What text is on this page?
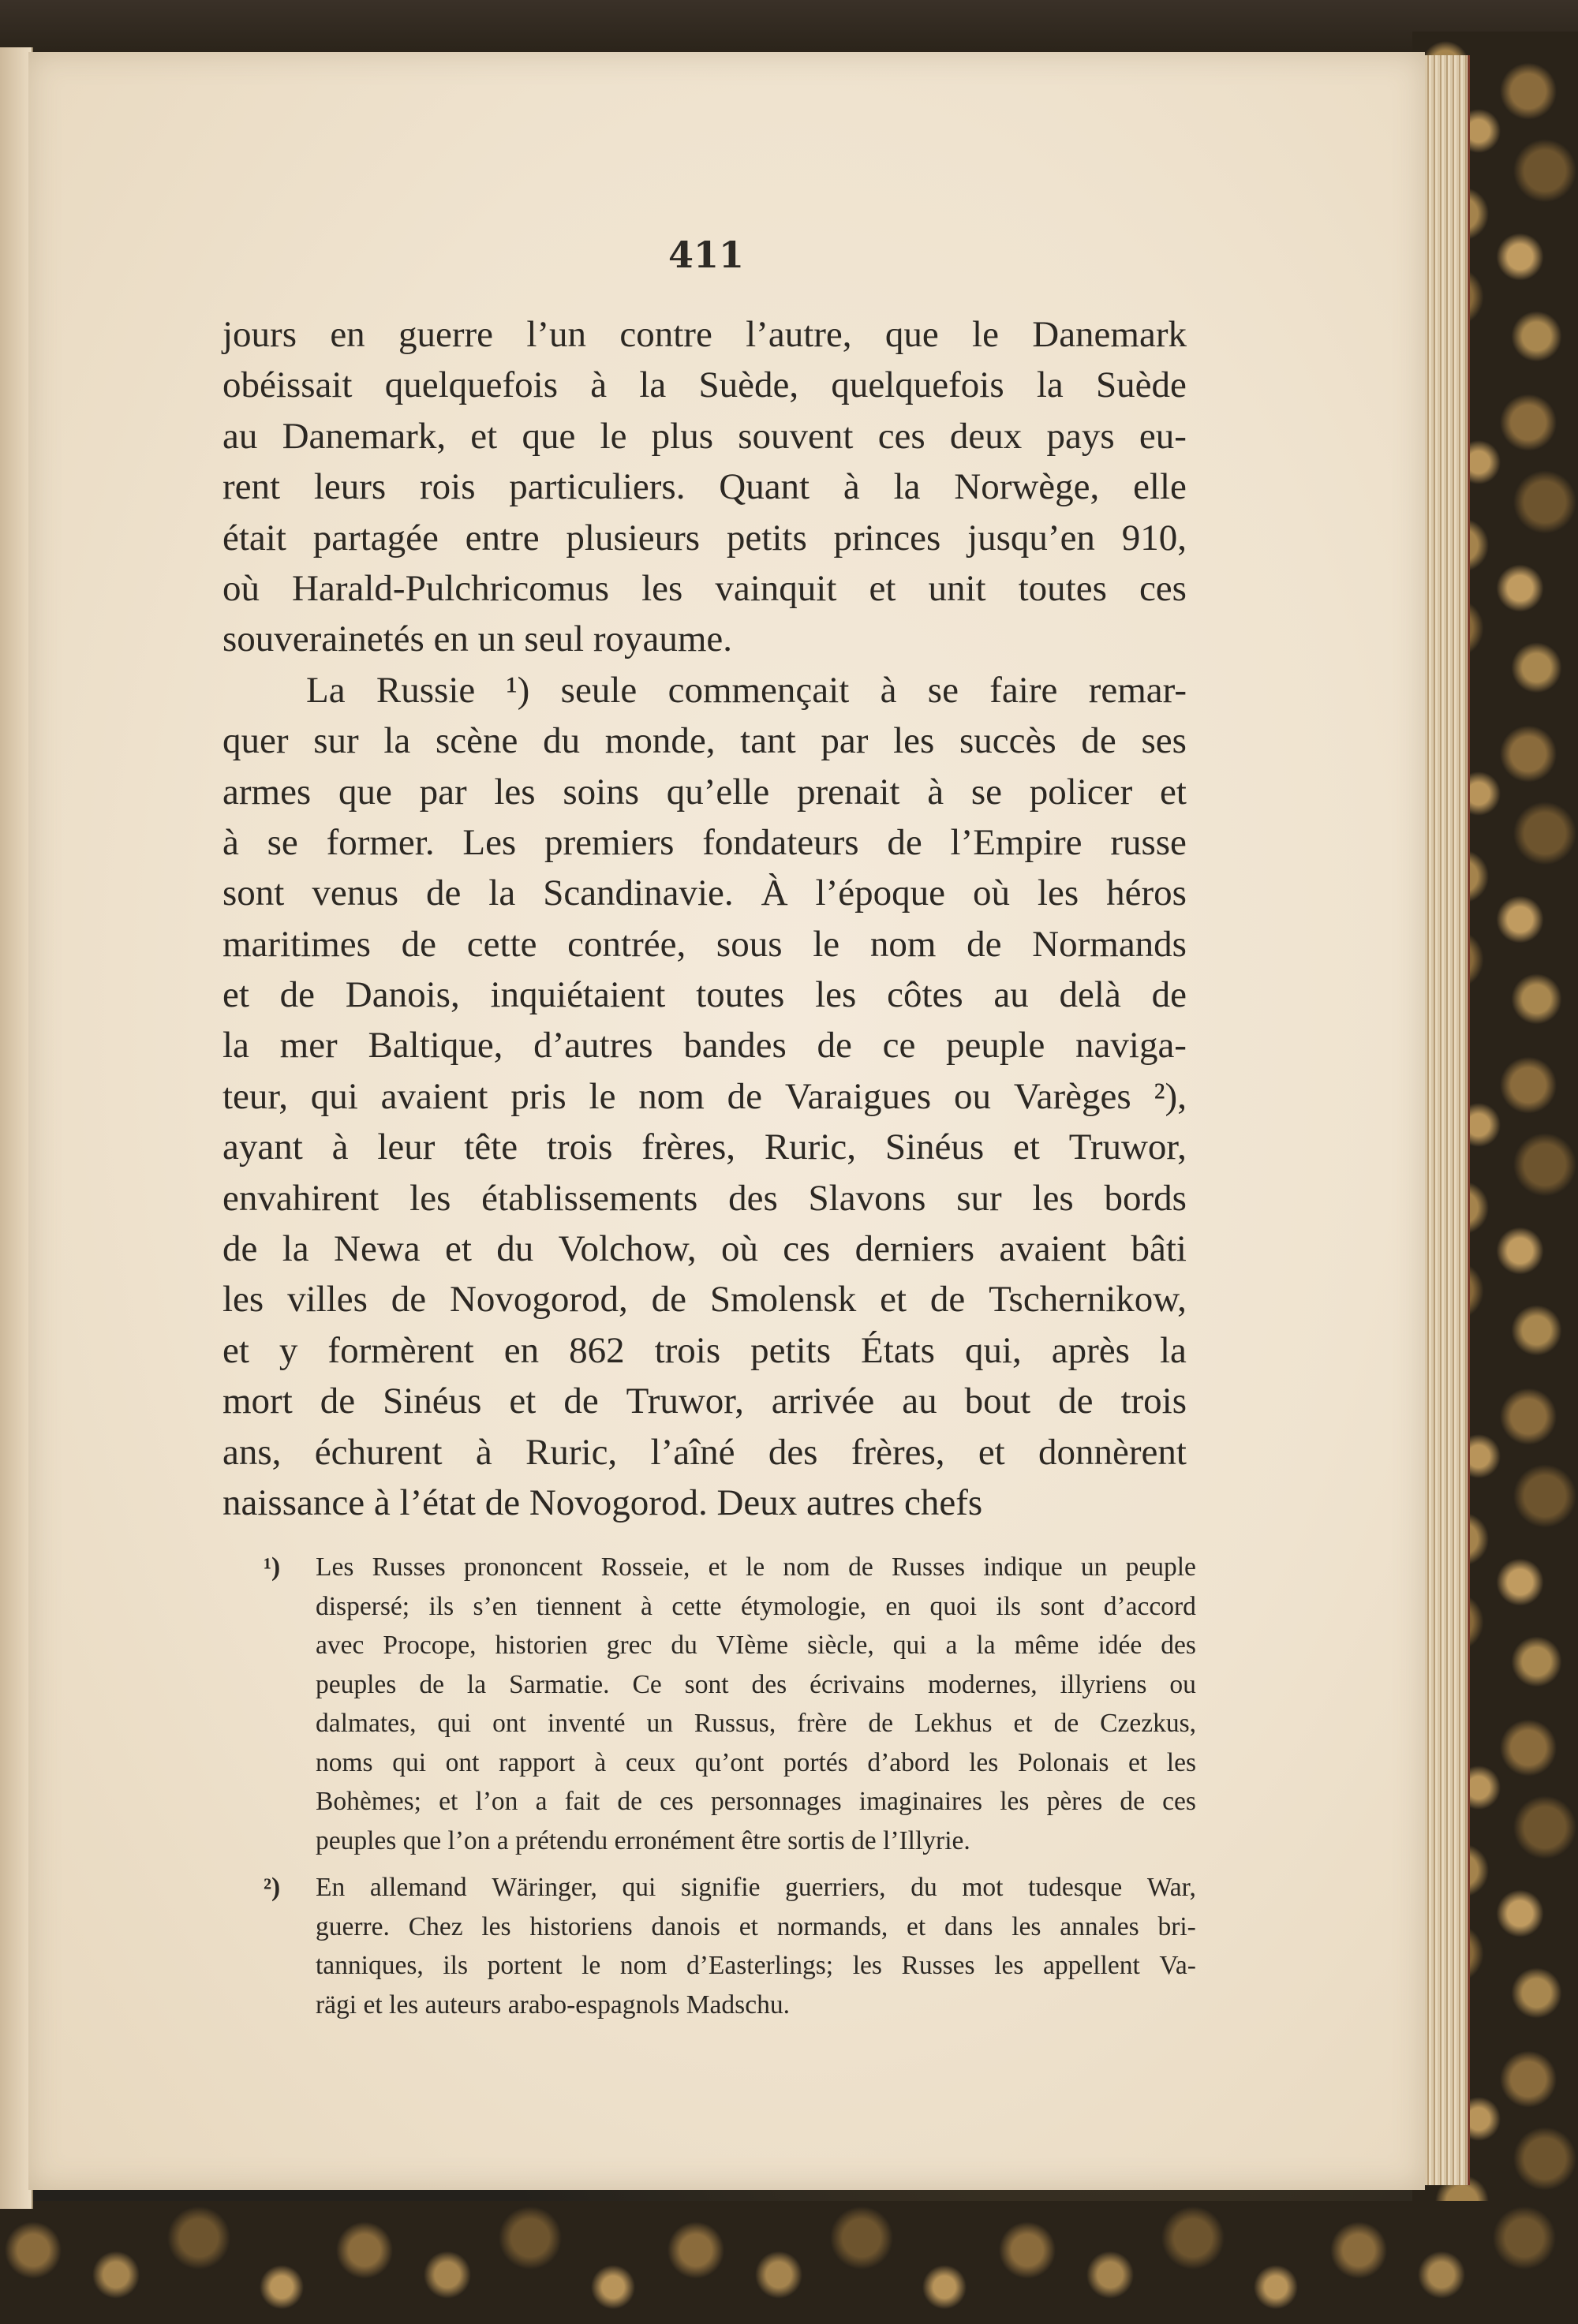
411
jours en guerre l’un contre l’autre, que le Danemark
obéissait quelquefois à la Suède, quelquefois la Suède
au Danemark, et que le plus souvent ces deux pays eu-
rent leurs rois particuliers. Quant à la Norwège, elle
était partagée entre plusieurs petits princes jusqu’en 910,
où Harald-Pulchricomus les vainquit et unit toutes ces
souverainetés en un seul royaume.
La Russie ¹) seule commençait à se faire remar-
quer sur la scène du monde, tant par les succès de ses
armes que par les soins qu’elle prenait à se policer et
à se former. Les premiers fondateurs de l’Empire russe
sont venus de la Scandinavie. À l’époque où les héros
maritimes de cette contrée, sous le nom de Normands
et de Danois, inquiétaient toutes les côtes au delà de
la mer Baltique, d’autres bandes de ce peuple naviga-
teur, qui avaient pris le nom de Varaigues ou Varèges ²),
ayant à leur tête trois frères, Ruric, Sinéus et Truwor,
envahirent les établissements des Slavons sur les bords
de la Newa et du Volchow, où ces derniers avaient bâti
les villes de Novogorod, de Smolensk et de Tschernikow,
et y formèrent en 862 trois petits États qui, après la
mort de Sinéus et de Truwor, arrivée au bout de trois
ans, échurent à Ruric, l’aîné des frères, et donnèrent
naissance à l’état de Novogorod. Deux autres chefs
¹) Les Russes prononcent Rosseie, et le nom de Russes indique un peuple
dispersé; ils s’en tiennent à cette étymologie, en quoi ils sont d’accord
avec Procope, historien grec du VIème siècle, qui a la même idée des
peuples de la Sarmatie. Ce sont des écrivains modernes, illyriens ou
dalmates, qui ont inventé un Russus, frère de Lekhus et de Czezkus,
noms qui ont rapport à ceux qu’ont portés d’abord les Polonais et les
Bohèmes; et l’on a fait de ces personnages imaginaires les pères de ces
peuples que l’on a prétendu erronément être sortis de l’Illyrie.
²) En allemand Wäringer, qui signifie guerriers, du mot tudesque War,
guerre. Chez les historiens danois et normands, et dans les annales bri-
tanniques, ils portent le nom d’Easterlings; les Russes les appellent Va-
rägi et les auteurs arabo-espagnols Madschu.
